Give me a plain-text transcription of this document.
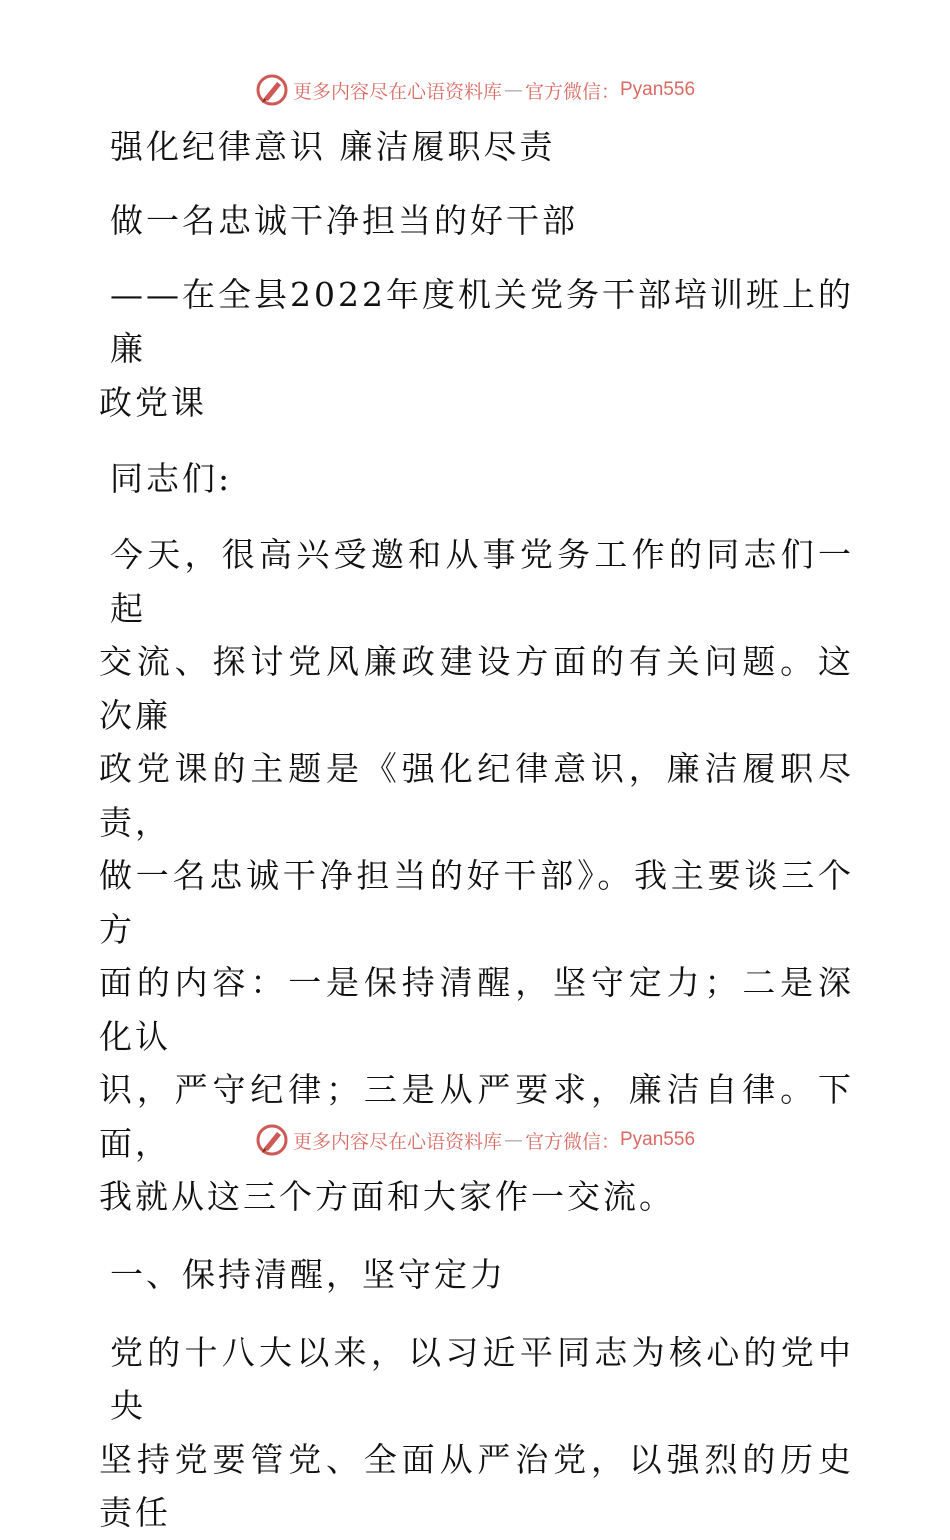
更多内容尽在心语资料库 — 官方微信： Pyan556

强化纪律意识 廉洁履职尽责

做一名忠诚干净担当的好干部

——在全县2022年度机关党务干部培训班上的廉

政党课

同志们:

今天，很高兴受邀和从事党务工作的同志们一起

交流、探讨党风廉政建设方面的有关问题。这次廉

政党课的主题是《强化纪律意识，廉洁履职尽责，

做一名忠诚干净担当的好干部》。我主要谈三个方

面的内容：一是保持清醒，坚守定力；二是深化认

识，严守纪律；三是从严要求，廉洁自律。下面，

我就从这三个方面和大家作一交流。

一、保持清醒，坚守定力

党的十八大以来，以习近平同志为核心的党中央

坚持党要管党、全面从严治党，以强烈的历史责任

更多内容尽在心语资料库 — 官方微信： Pyan556
